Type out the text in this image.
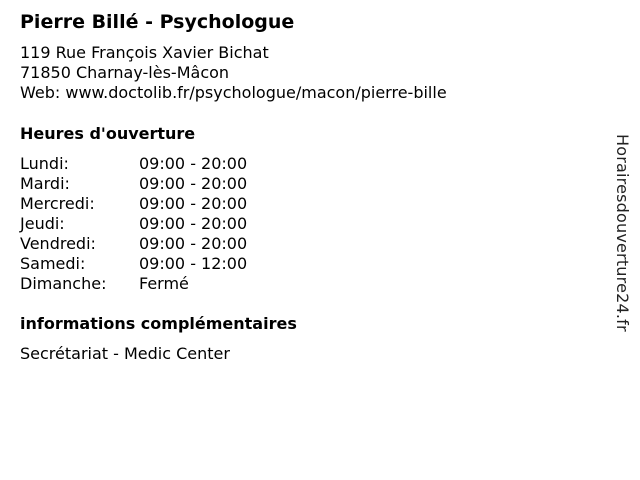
Pierre Billé - Psychologue
119 Rue François Xavier Bichat
71850 Charnay-lès-Mâcon
Web: www.doctolib.fr/psychologue/macon/pierre-bille
Heures d'ouverture
Lundi:	09:00 - 20:00
Mardi:	09:00 - 20:00
Mercredi:	09:00 - 20:00
Jeudi:	09:00 - 20:00
Vendredi:	09:00 - 20:00
Samedi:	09:00 - 12:00
Dimanche: Fermé
informations complémentaires
Secrétariat - Medic Center
Horairesdouverture24.fr
